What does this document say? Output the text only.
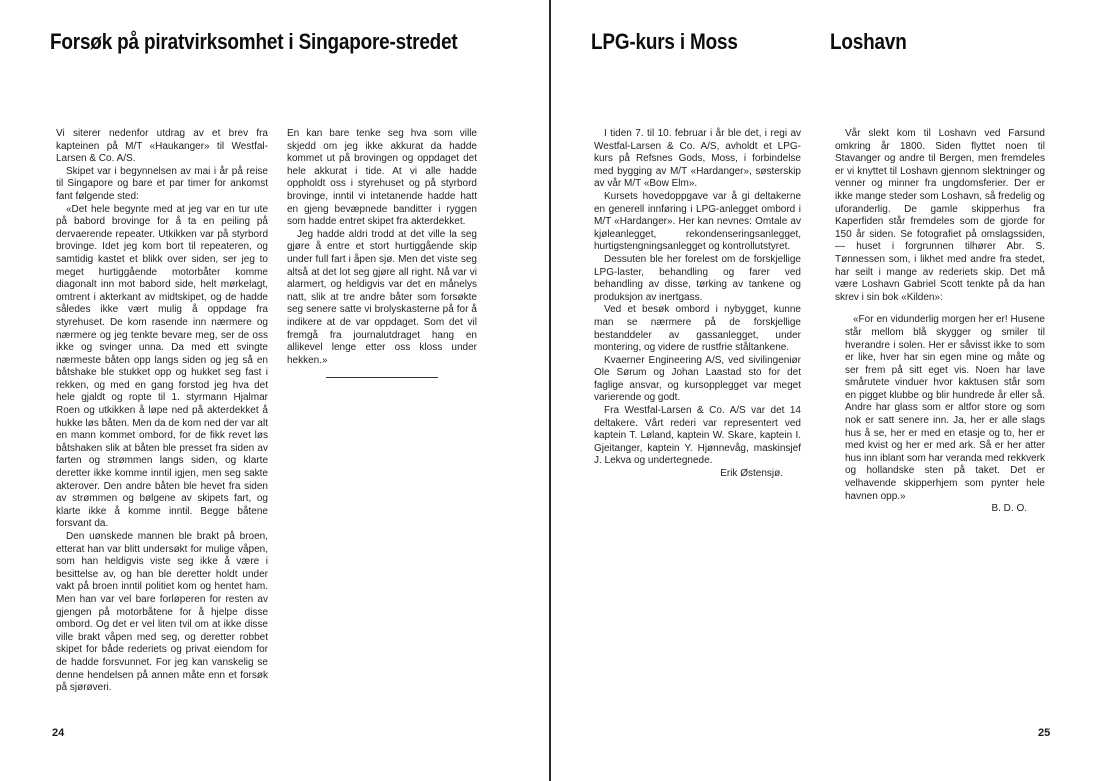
Forsøk på piratvirksomhet i Singapore-stredet

Vi siterer nedenfor utdrag av et brev fra kapteinen på M/T «Haukanger» til Westfal-Larsen & Co. A/S.

Skipet var i begynnelsen av mai i år på reise til Singapore og bare et par timer for ankomst fant følgende sted:

«Det hele begynte med at jeg var en tur ute på babord brovinge for å ta en peiling på dervaerende repeater. Utkikken var på styrbord brovinge. Idet jeg kom bort til repeateren, og samtidig kastet et blikk over siden, ser jeg to meget hurtiggående motorbåter komme diagonalt inn mot babord side, helt mørkelagt, omtrent i akterkant av midtskipet, og de hadde således ikke vært mulig å oppdage fra styrehuset. De kom rasende inn nærmere og nærmere og jeg tenkte bevare meg, ser de oss ikke og svinger unna. Da med ett svingte nærmeste båten opp langs siden og jeg så en båtshake ble stukket opp og hukket seg fast i rekken, og med en gang forstod jeg hva det hele gjaldt og ropte til 1. styrmann Hjalmar Roen og utkikken å løpe ned på akterdekket å hukke løs båten. Men da de kom ned der var alt en mann kommet ombord, for de fikk revet løs båtshaken slik at båten ble presset fra siden av farten og strømmen langs siden, og klarte deretter ikke komme inntil igjen, men seg sakte akterover. Den andre båten ble hevet fra siden av strømmen og bølgene av skipets fart, og klarte ikke å komme inntil. Begge båtene forsvant da.

Den uønskede mannen ble brakt på broen, etterat han var blitt undersøkt for mulige våpen, som han heldigvis viste seg ikke å være i besittelse av, og han ble deretter holdt under vakt på broen inntil politiet kom og hentet ham. Men han var vel bare forløperen for resten av gjengen på motorbåtene for å hjelpe disse ombord. Og det er vel liten tvil om at ikke disse ville brakt våpen med seg, og deretter robbet skipet for både rederiets og privat eiendom for de hadde forsvunnet. For jeg kan vanskelig se denne hendelsen på annen måte enn et forsøk på sjørøveri.

En kan bare tenke seg hva som ville skjedd om jeg ikke akkurat da hadde kommet ut på brovingen og oppdaget det hele akkurat i tide. At vi alle hadde oppholdt oss i styrehuset og på styrbord brovinge, inntil vi intetanende hadde hatt en gjeng bevæpnede banditter i ryggen som hadde entret skipet fra akterdekket.

Jeg hadde aldri trodd at det ville la seg gjøre å entre et stort hurtiggående skip under full fart i åpen sjø. Men det viste seg altså at det lot seg gjøre all right. Nå var vi alarmert, og heldigvis var det en månelys natt, slik at tre andre båter som forsøkte seg senere satte vi brolyskasterne på for å indikere at de var oppdaget. Som det vil fremgå fra journalutdraget hang en allikevel lenge etter oss kloss under hekken.»

24
LPG-kurs i Moss	Loshavn

I tiden 7. til 10. februar i år ble det, i regi av Westfal-Larsen & Co. A/S, avholdt et LPG-kurs på Refsnes Gods, Moss, i forbindelse med bygging av M/T «Hardanger», søsterskip av vår M/T «Bow Elm».

Kursets hovedoppgave var å gi deltakerne en generell innføring i LPG-anlegget ombord i M/T «Hardanger». Her kan nevnes: Omtale av kjøleanlegget, rekondenseringsanlegget, hurtigstengningsanlegget og kontrollutstyret.

Dessuten ble her forelest om de forskjellige LPG-laster, behandling og farer ved behandling av disse, tørking av tankene og produksjon av inertgass.

Ved et besøk ombord i nybygget, kunne man se nærmere på de forskjellige bestanddeler av gassanlegget, under montering, og videre de rustfrie ståltankene.

Kvaerner Engineering A/S, ved sivilingeniør Ole Sørum og Johan Laastad sto for det faglige ansvar, og kursopplegget var meget varierende og godt.

Fra Westfal-Larsen & Co. A/S var det 14 deltakere. Vårt rederi var representert ved kaptein T. Løland, kaptein W. Skare, kaptein I. Gjeitanger, kaptein Y. Hjønnevåg, maskinsjef J. Lekva og undertegnede.

Erik Østensjø.

Vår slekt kom til Loshavn ved Farsund omkring år 1800. Siden flyttet noen til Stavanger og andre til Bergen, men fremdeles er vi knyttet til Loshavn gjennom slektninger og venner og minner fra ungdomsferier. Der er ikke mange steder som Loshavn, så fredelig og uforanderlig. De gamle skipperhus fra Kaperfiden står fremdeles som de gjorde for 150 år siden. Se fotografiet på omslagssiden, — huset i forgrunnen tilhører Abr. S. Tønnessen som, i likhet med andre fra stedet, har seilt i mange av rederiets skip. Det må være Loshavn Gabriel Scott tenkte på da han skrev i sin bok «Kilden»:

«For en vidunderlig morgen her er! Husene står mellom blå skygger og smiler til hverandre i solen. Her er såvisst ikke to som er like, hver har sin egen mine og måte og ser frem på sitt eget vis. Noen har lave smårutete vinduer hvor kaktusen står som en pigget klubbe og blir hundrede år eller så. Andre har glass som er altfor store og som nok er satt senere inn. Ja, her er alle slags hus å se, her er med en etasje og to, her er med kvist og her er med ark. Så er her atter hus inn iblant som har veranda med rekkverk og hollandske sten på taket. Det er velhavende skipperhjem som pynter hele havnen opp.»

B. D. O.

25
